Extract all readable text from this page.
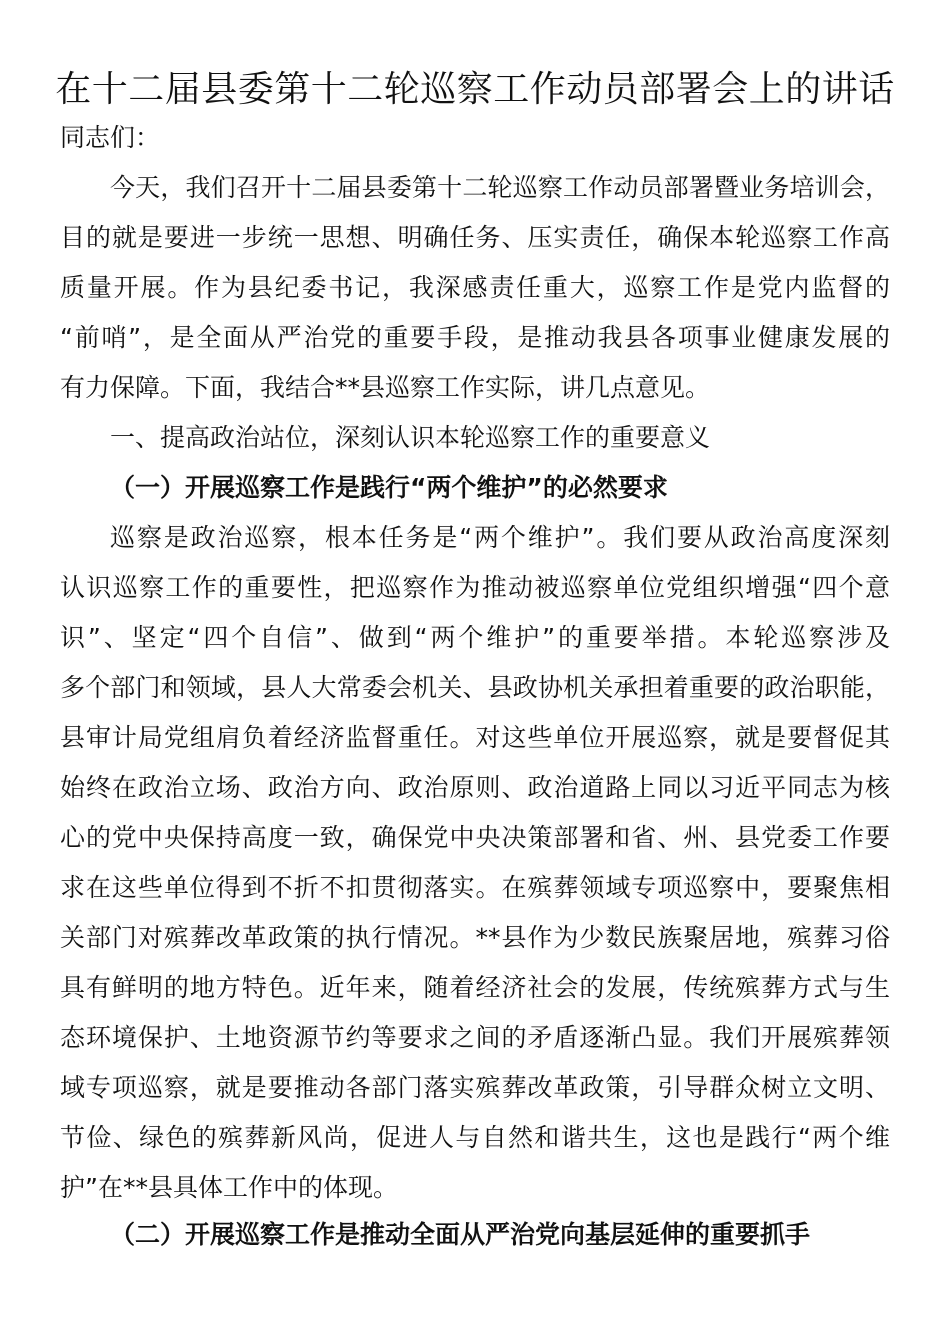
在十二届县委第十二轮巡察工作动员部署会上的讲话
同志们：
今天，我们召开十二届县委第十二轮巡察工作动员部署暨业务培训会，
目的就是要进一步统一思想、明确任务、压实责任，确保本轮巡察工作高
质量开展。作为县纪委书记，我深感责任重大，巡察工作是党内监督的
“前哨”，是全面从严治党的重要手段，是推动我县各项事业健康发展的
有力保障。下面，我结合**县巡察工作实际，讲几点意见。
一、提高政治站位，深刻认识本轮巡察工作的重要意义
（一）开展巡察工作是践行“两个维护”的必然要求
巡察是政治巡察，根本任务是“两个维护”。我们要从政治高度深刻
认识巡察工作的重要性，把巡察作为推动被巡察单位党组织增强“四个意
识”、坚定“四个自信”、做到“两个维护”的重要举措。本轮巡察涉及
多个部门和领域，县人大常委会机关、县政协机关承担着重要的政治职能，
县审计局党组肩负着经济监督重任。对这些单位开展巡察，就是要督促其
始终在政治立场、政治方向、政治原则、政治道路上同以习近平同志为核
心的党中央保持高度一致，确保党中央决策部署和省、州、县党委工作要
求在这些单位得到不折不扣贯彻落实。在殡葬领域专项巡察中，要聚焦相
关部门对殡葬改革政策的执行情况。**县作为少数民族聚居地，殡葬习俗
具有鲜明的地方特色。近年来，随着经济社会的发展，传统殡葬方式与生
态环境保护、土地资源节约等要求之间的矛盾逐渐凸显。我们开展殡葬领
域专项巡察，就是要推动各部门落实殡葬改革政策，引导群众树立文明、
节俭、绿色的殡葬新风尚，促进人与自然和谐共生，这也是践行“两个维
护”在**县具体工作中的体现。
（二）开展巡察工作是推动全面从严治党向基层延伸的重要抓手
